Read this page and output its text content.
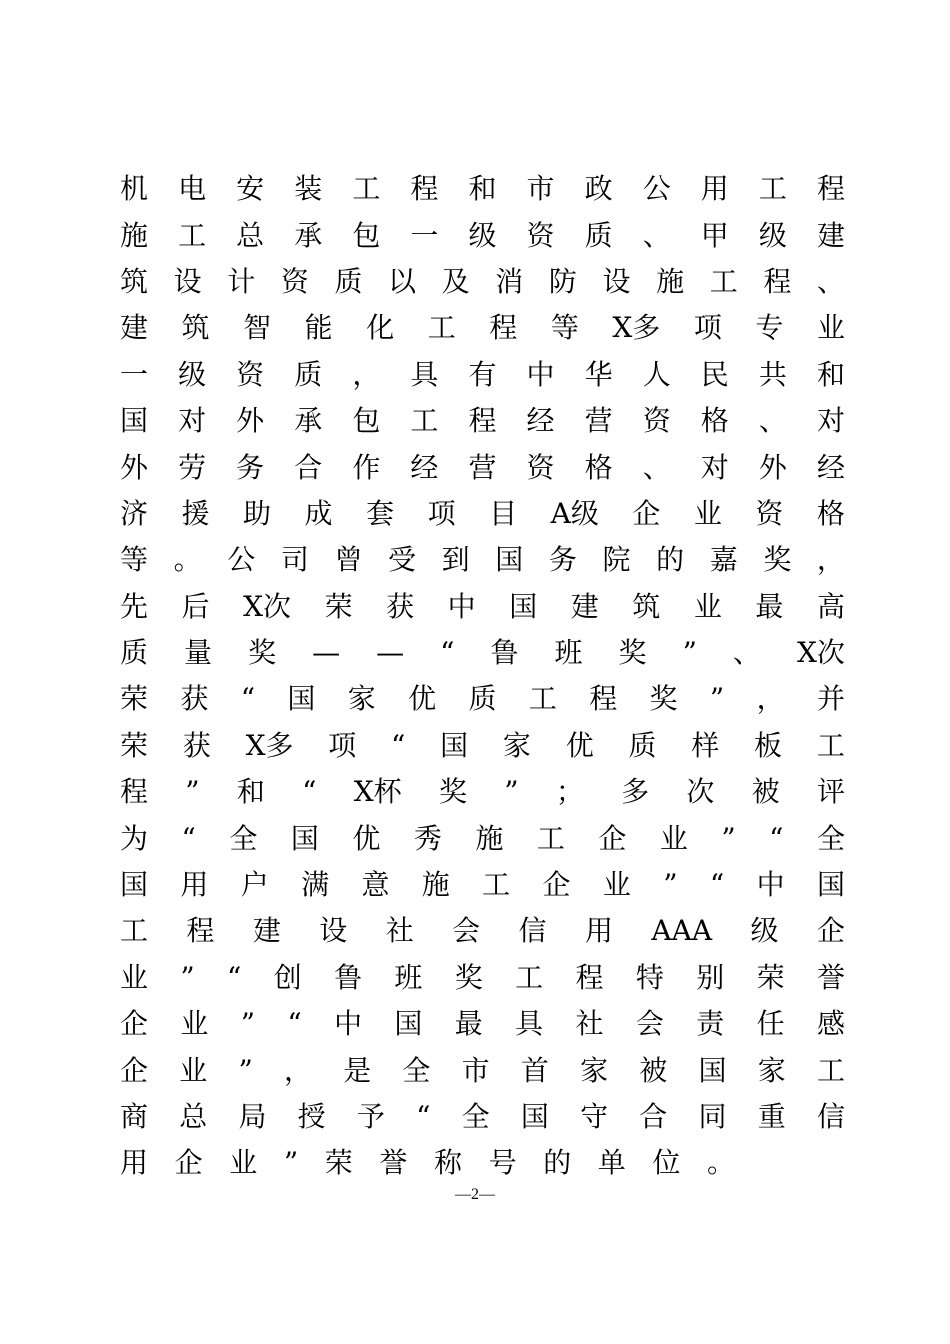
机 电 安 装 工 程 和 市 政 公 用 工 程
施 工 总 承 包 一 级 资 质 、 甲 级 建
筑 设 计 资 质 以 及 消 防 设 施 工 程 、
建 筑 智 能 化 工 程 等 X多 项 专 业
一 级 资 质 ， 具 有 中 华 人 民 共 和
国 对 外 承 包 工 程 经 营 资 格 、 对
外 劳 务 合 作 经 营 资 格 、 对 外 经
济 援 助 成 套 项 目 A级 企 业 资 格
等 。 公 司 曾 受 到 国 务 院 的 嘉 奖 ，
先 后 X次 荣 获 中 国 建 筑 业 最 高
质 量 奖 — — “ 鲁 班 奖 ” 、 X次
荣 获 “ 国 家 优 质 工 程 奖 ” ， 并
荣 获 X多 项 “ 国 家 优 质 样 板 工
程 ” 和 “ X杯 奖 ” ； 多 次 被 评
为 “ 全 国 优 秀 施 工 企 业 ” “ 全
国 用 户 满 意 施 工 企 业 ” “ 中 国
工 程 建 设 社 会 信 用 AAA 级 企
业 ” “ 创 鲁 班 奖 工 程 特 别 荣 誉
企 业 ” “ 中 国 最 具 社 会 责 任 感
企 业 ” ， 是 全 市 首 家 被 国 家 工
商 总 局 授 予 “ 全 国 守 合 同 重 信
用 企 业 ” 荣 誉 称 号 的 单 位 。
—2—
